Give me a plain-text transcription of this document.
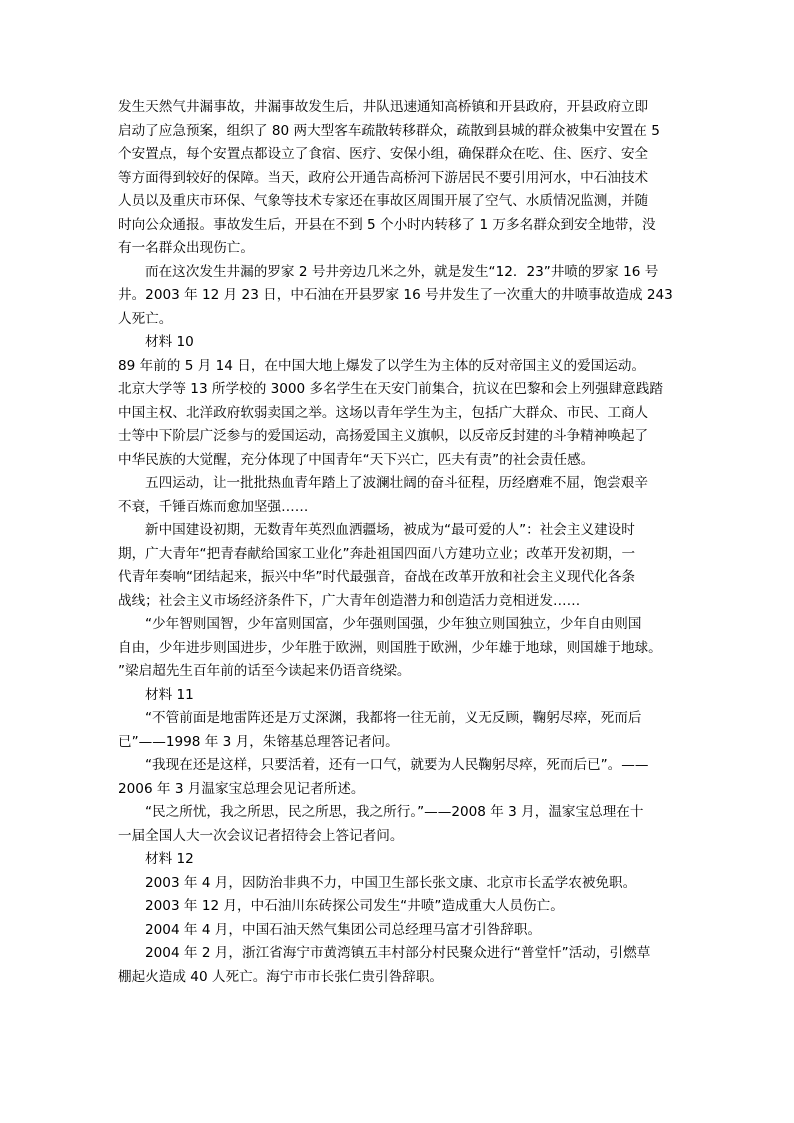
发生天然气井漏事故，井漏事故发生后，井队迅速通知高桥镇和开县政府，开县政府立即
启动了应急预案，组织了 80 两大型客车疏散转移群众，疏散到县城的群众被集中安置在 5
个安置点，每个安置点都设立了食宿、医疗、安保小组，确保群众在吃、住、医疗、安全
等方面得到较好的保障。当天，政府公开通告高桥河下游居民不要引用河水，中石油技术
人员以及重庆市环保、气象等技术专家还在事故区周围开展了空气、水质情况监测，并随
时向公众通报。事故发生后，开县在不到 5 个小时内转移了 1 万多名群众到安全地带，没
有一名群众出现伤亡。
而在这次发生井漏的罗家 2 号井旁边几米之外，就是发生“12．23”井喷的罗家 16 号
井。2003 年 12 月 23 日，中石油在开县罗家 16 号井发生了一次重大的井喷事故造成 243
人死亡。
材料 10
89 年前的 5 月 14 日，在中国大地上爆发了以学生为主体的反对帝国主义的爱国运动。
北京大学等 13 所学校的 3000 多名学生在天安门前集合，抗议在巴黎和会上列强肆意践踏
中国主权、北洋政府软弱卖国之举。这场以青年学生为主，包括广大群众、市民、工商人
士等中下阶层广泛参与的爱国运动，高扬爱国主义旗帜，以反帝反封建的斗争精神唤起了
中华民族的大觉醒，充分体现了中国青年“天下兴亡，匹夫有责”的社会责任感。
五四运动，让一批批热血青年踏上了波澜壮阔的奋斗征程，历经磨难不屈，饱尝艰辛
不衰，千锤百炼而愈加坚强……
新中国建设初期，无数青年英烈血洒疆场，被成为“最可爱的人”：社会主义建设时
期，广大青年“把青春献给国家工业化”奔赴祖国四面八方建功立业；改革开发初期，一
代青年奏响“团结起来，振兴中华”时代最强音，奋战在改革开放和社会主义现代化各条
战线；社会主义市场经济条件下，广大青年创造潜力和创造活力竞相迸发……
“少年智则国智，少年富则国富，少年强则国强，少年独立则国独立，少年自由则国
自由，少年进步则国进步，少年胜于欧洲，则国胜于欧洲，少年雄于地球，则国雄于地球。
”梁启超先生百年前的话至今读起来仍语音绕梁。
材料 11
“不管前面是地雷阵还是万丈深渊，我都将一往无前，义无反顾，鞠躬尽瘁，死而后
已”——1998 年 3 月，朱镕基总理答记者问。
“我现在还是这样，只要活着，还有一口气，就要为人民鞠躬尽瘁，死而后已”。——
2006 年 3 月温家宝总理会见记者所述。
“民之所忧，我之所思，民之所思，我之所行。”——2008 年 3 月，温家宝总理在十
一届全国人大一次会议记者招待会上答记者问。
材料 12
2003 年 4 月，因防治非典不力，中国卫生部长张文康、北京市长孟学农被免职。
2003 年 12 月，中石油川东砖探公司发生“井喷”造成重大人员伤亡。
2004 年 4 月，中国石油天然气集团公司总经理马富才引咎辞职。
2004 年 2 月，浙江省海宁市黄湾镇五丰村部分村民聚众进行“普堂忏”活动，引燃草
棚起火造成 40 人死亡。海宁市市长张仁贵引咎辞职。
